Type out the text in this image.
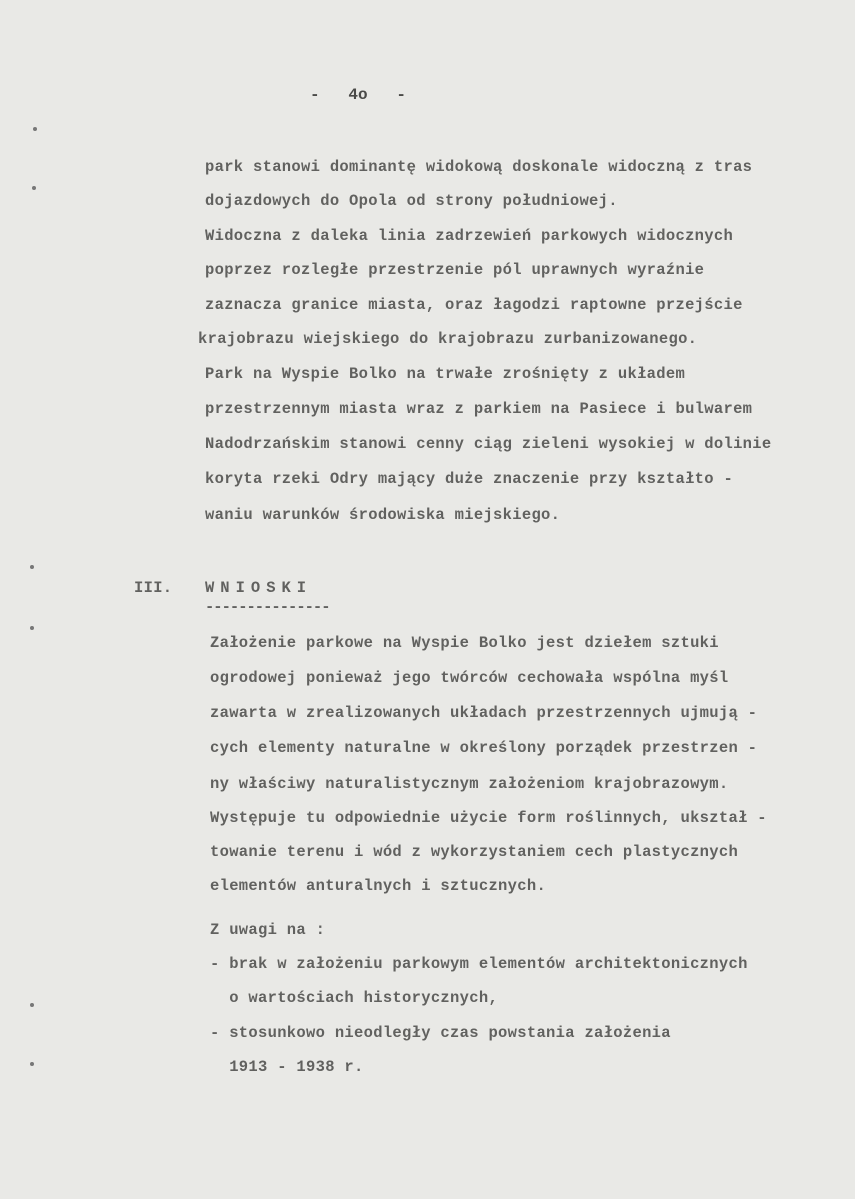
-   4o   -
park stanowi dominantę widokową doskonale widoczną z tras
dojazdowych do Opola od strony południowej.
Widoczna z daleka linia zadrzewień parkowych widocznych
poprzez rozległe przestrzenie pól uprawnych wyraźnie
zaznacza granice miasta, oraz łagodzi raptowne przejście
krajobrazu wiejskiego do krajobrazu zurbanizowanego.
Park na Wyspie Bolko na trwałe zrośnięty z układem
przestrzennym miasta wraz z parkiem na Pasiece i bulwarem
Nadodrzańskim stanowi cenny ciąg zieleni wysokiej w dolinie
koryta rzeki Odry mający duże znaczenie przy kształto -
waniu warunków środowiska miejskiego.
III. WNIOSKI
---------------
Założenie parkowe na Wyspie Bolko jest dziełem sztuki
ogrodowej ponieważ jego twórców cechowała wspólna myśl
zawarta w zrealizowanych układach przestrzennych ujmują -
cych elementy naturalne w określony porządek przestrzen -
ny właściwy naturalistycznym założeniom krajobrazowym.
Występuje tu odpowiednie użycie form roślinnych, ukształ -
towanie terenu i wód z wykorzystaniem cech plastycznych
elementów anturalnych i sztucznych.
Z uwagi na :
- brak w założeniu parkowym elementów architektonicznych
o wartościach historycznych,
- stosunkowo nieodległy czas powstania założenia
1913 - 1938 r.
